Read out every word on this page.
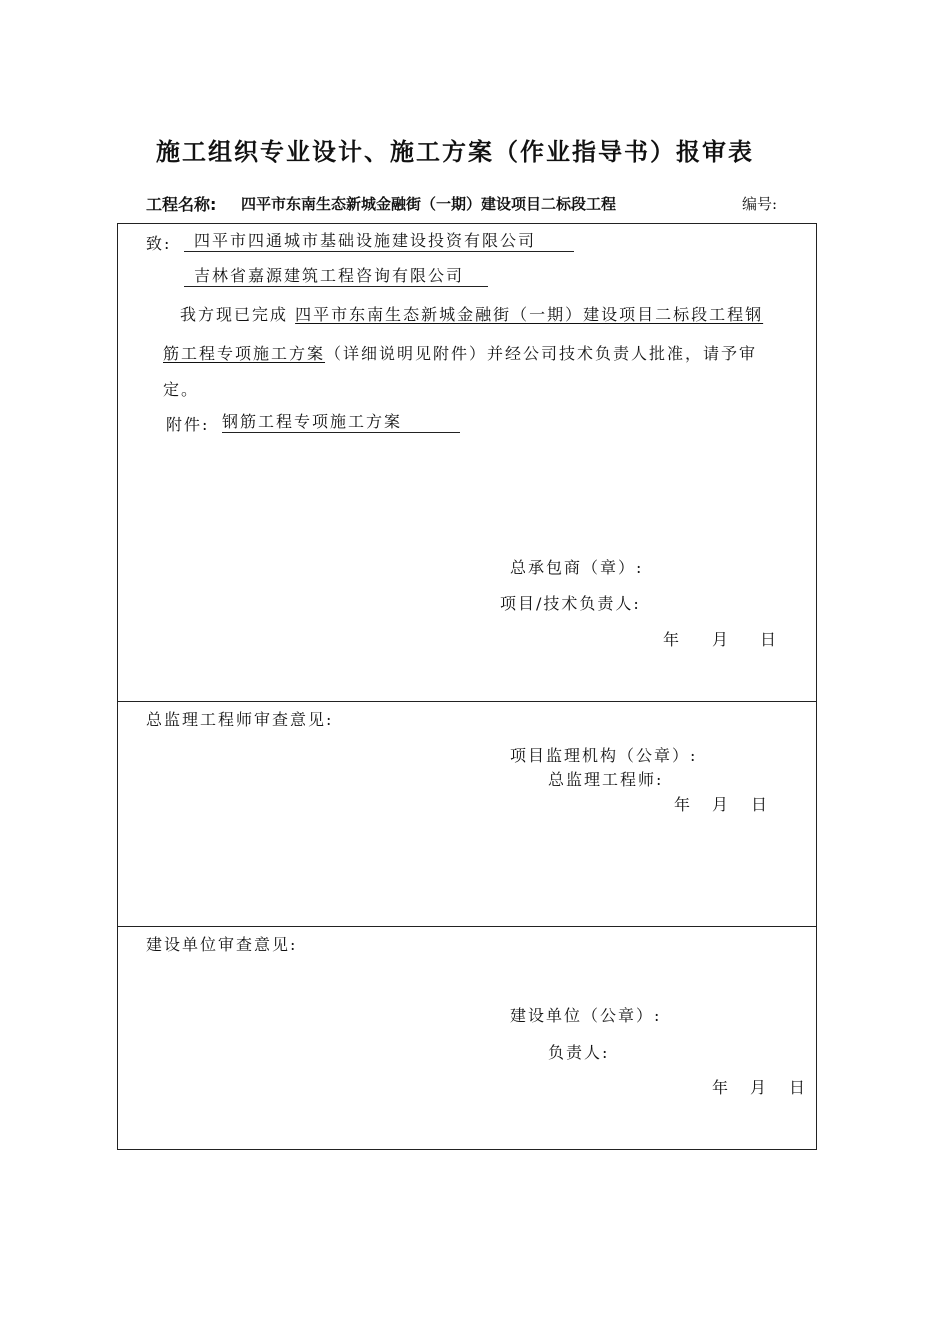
施工组织专业设计、施工方案（作业指导书）报审表
工程名称: 四平市东南生态新城金融街（一期）建设项目二标段工程	编号:
致:	四平市四通城市基础设施建设投资有限公司
吉林省嘉源建筑工程咨询有限公司
我方现已完成 四平市东南生态新城金融街（一期）建设项目二标段工程钢
筋工程专项施工方案（详细说明见附件）并经公司技术负责人批准，请予审
定。
附件: 钢筋工程专项施工方案
总承包商（章）:
项目/技术负责人:
年 月 日
总监理工程师审查意见:
项目监理机构（公章）:
总监理工程师:
年 月 日
建设单位审查意见:
建设单位（公章）:
负责人:
年 月 日
